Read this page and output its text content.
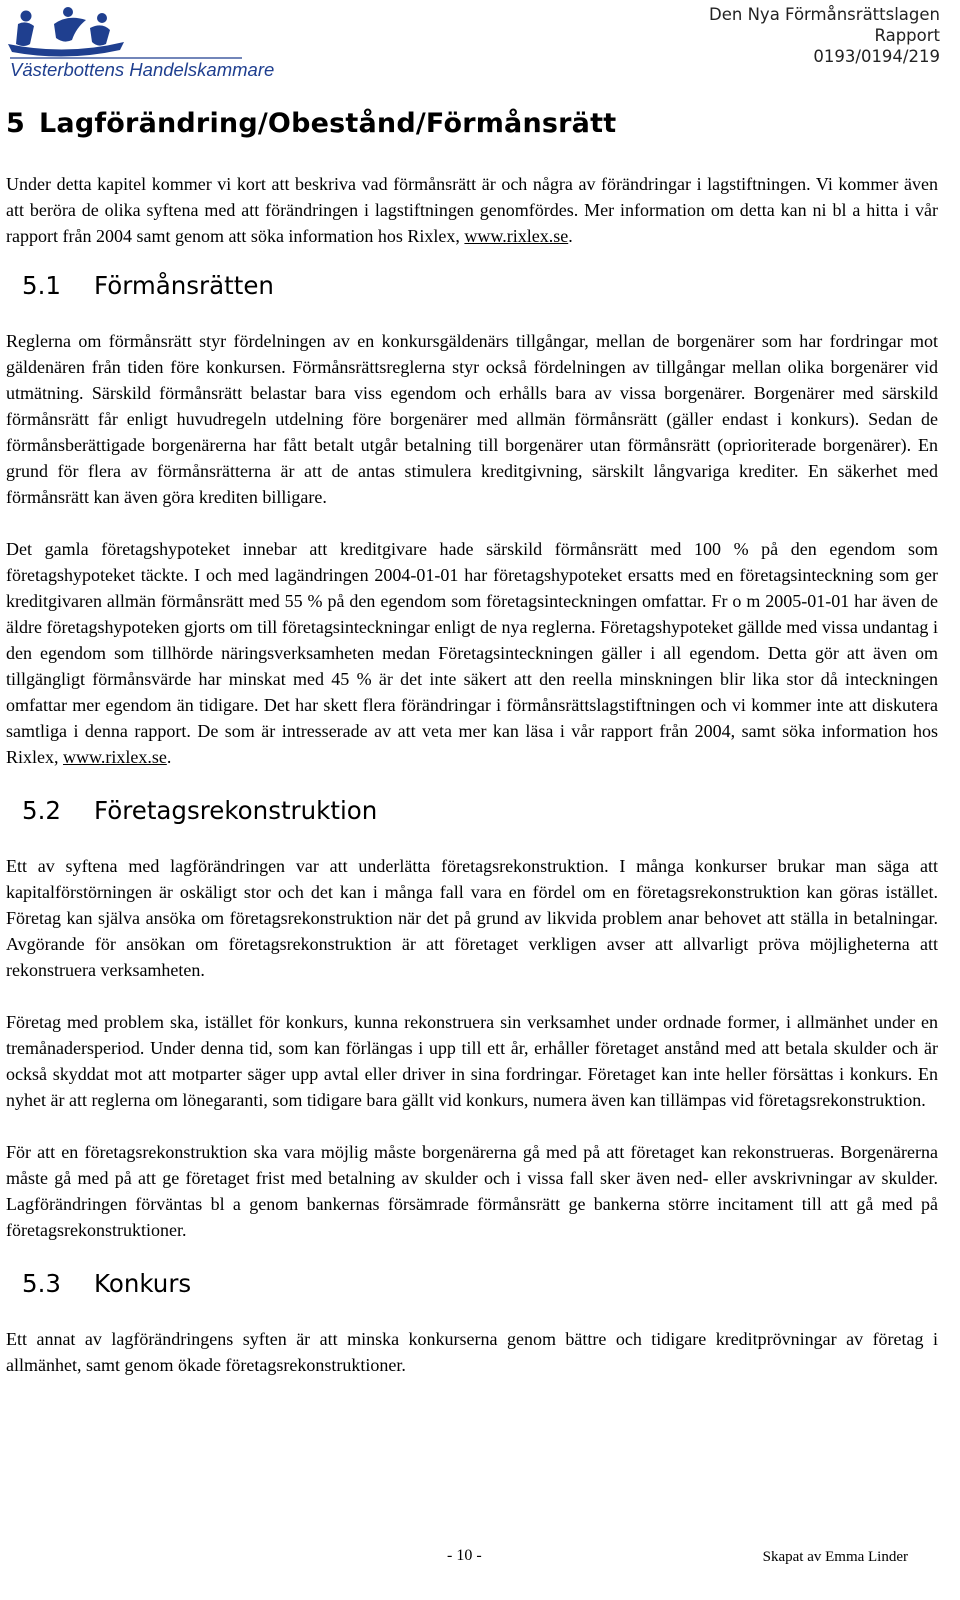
Västerbottens Handelskammare
Den Nya Förmånsrättslagen
Rapport
0193/0194/219
5 Lagförändring/Obestånd/Förmånsrätt

Under detta kapitel kommer vi kort att beskriva vad förmånsrätt är och några av förändringar i lagstiftningen. Vi kommer även att beröra de olika syftena med att förändringen i lagstiftningen genomfördes. Mer information om detta kan ni bl a hitta i vår rapport från 2004 samt genom att söka information hos Rixlex, www.rixlex.se.

5.1	Förmånsrätten

Reglerna om förmånsrätt styr fördelningen av en konkursgäldenärs tillgångar, mellan de borgenärer som har fordringar mot gäldenären från tiden före konkursen. Förmånsrättsreglerna styr också fördelningen av tillgångar mellan olika borgenärer vid utmätning. Särskild förmånsrätt belastar bara viss egendom och erhålls bara av vissa borgenärer. Borgenärer med särskild förmånsrätt får enligt huvudregeln utdelning före borgenärer med allmän förmånsrätt (gäller endast i konkurs). Sedan de förmånsberättigade borgenärerna har fått betalt utgår betalning till borgenärer utan förmånsrätt (oprioriterade borgenärer). En grund för flera av förmånsrätterna är att de antas stimulera kreditgivning, särskilt långvariga krediter. En säkerhet med förmånsrätt kan även göra krediten billigare.

Det gamla företagshypoteket innebar att kreditgivare hade särskild förmånsrätt med 100 % på den egendom som företagshypoteket täckte. I och med lagändringen 2004-01-01 har företagshypoteket ersatts med en företagsinteckning som ger kreditgivaren allmän förmånsrätt med 55 % på den egendom som företagsinteckningen omfattar. Fr o m 2005-01-01 har även de äldre företagshypoteken gjorts om till företagsinteckningar enligt de nya reglerna. Företagshypoteket gällde med vissa undantag i den egendom som tillhörde näringsverksamheten medan Företagsinteckningen gäller i all egendom. Detta gör att även om tillgängligt förmånsvärde har minskat med 45 % är det inte säkert att den reella minskningen blir lika stor då inteckningen omfattar mer egendom än tidigare. Det har skett flera förändringar i förmånsrättslagstiftningen och vi kommer inte att diskutera samtliga i denna rapport. De som är intresserade av att veta mer kan läsa i vår rapport från 2004, samt söka information hos Rixlex, www.rixlex.se.

5.2	Företagsrekonstruktion

Ett av syftena med lagförändringen var att underlätta företagsrekonstruktion. I många konkurser brukar man säga att kapitalförstörningen är oskäligt stor och det kan i många fall vara en fördel om en företagsrekonstruktion kan göras istället. Företag kan själva ansöka om företagsrekonstruktion när det på grund av likvida problem anar behovet att ställa in betalningar. Avgörande för ansökan om företagsrekonstruktion är att företaget verkligen avser att allvarligt pröva möjligheterna att rekonstruera verksamheten.

Företag med problem ska, istället för konkurs, kunna rekonstruera sin verksamhet under ordnade former, i allmänhet under en tremånadersperiod. Under denna tid, som kan förlängas i upp till ett år, erhåller företaget anstånd med att betala skulder och är också skyddat mot att motparter säger upp avtal eller driver in sina fordringar. Företaget kan inte heller försättas i konkurs. En nyhet är att reglerna om lönegaranti, som tidigare bara gällt vid konkurs, numera även kan tillämpas vid företagsrekonstruktion.

För att en företagsrekonstruktion ska vara möjlig måste borgenärerna gå med på att företaget kan rekonstrueras. Borgenärerna måste gå med på att ge företaget frist med betalning av skulder och i vissa fall sker även ned- eller avskrivningar av skulder. Lagförändringen förväntas bl a genom bankernas försämrade förmånsrätt ge bankerna större incitament till att gå med på företagsrekonstruktioner.

5.3	Konkurs

Ett annat av lagförändringens syften är att minska konkurserna genom bättre och tidigare kreditprövningar av företag i allmänhet, samt genom ökade företagsrekonstruktioner.

- 10 -	Skapat av Emma Linder
